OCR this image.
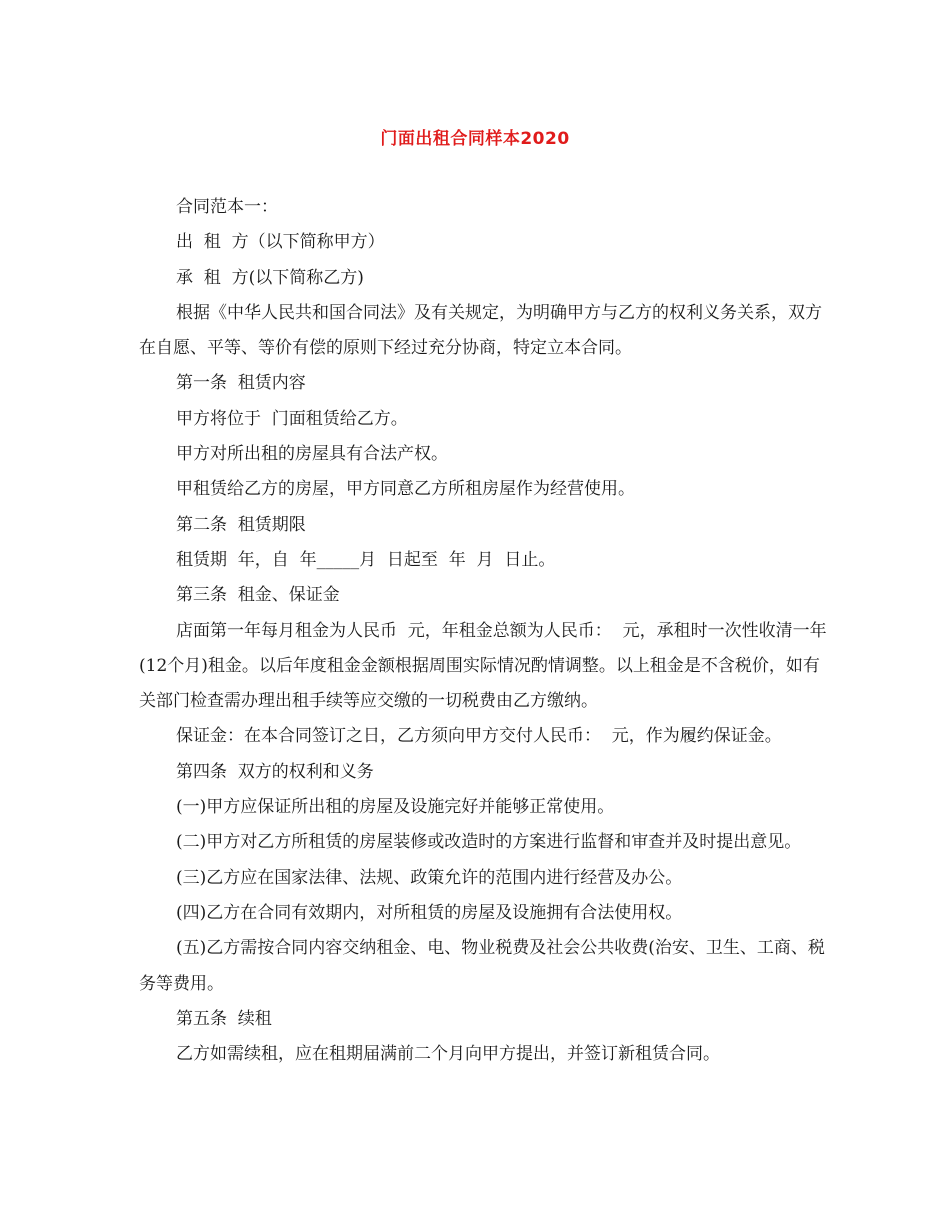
门面出租合同样本2020

合同范本一：

出  租  方（以下简称甲方）

承  租  方(以下简称乙方)

根据《中华人民共和国合同法》及有关规定，为明确甲方与乙方的权利义务关系，双方在自愿、平等、等价有偿的原则下经过充分协商，特定立本合同。

第一条  租赁内容

甲方将位于  门面租赁给乙方。

甲方对所出租的房屋具有合法产权。

甲租赁给乙方的房屋，甲方同意乙方所租房屋作为经营使用。

第二条  租赁期限

租赁期  年，自  年_____月  日起至  年  月  日止。

第三条  租金、保证金

店面第一年每月租金为人民币  元，年租金总额为人民币：  元，承租时一次性收清一年(12个月)租金。以后年度租金金额根据周围实际情况酌情调整。以上租金是不含税价，如有关部门检查需办理出租手续等应交缴的一切税费由乙方缴纳。

保证金：在本合同签订之日，乙方须向甲方交付人民币：  元，作为履约保证金。

第四条  双方的权利和义务

(一)甲方应保证所出租的房屋及设施完好并能够正常使用。

(二)甲方对乙方所租赁的房屋装修或改造时的方案进行监督和审查并及时提出意见。

(三)乙方应在国家法律、法规、政策允许的范围内进行经营及办公。

(四)乙方在合同有效期内，对所租赁的房屋及设施拥有合法使用权。

(五)乙方需按合同内容交纳租金、电、物业税费及社会公共收费(治安、卫生、工商、税务等费用。

第五条  续租

乙方如需续租，应在租期届满前二个月向甲方提出，并签订新租赁合同。
